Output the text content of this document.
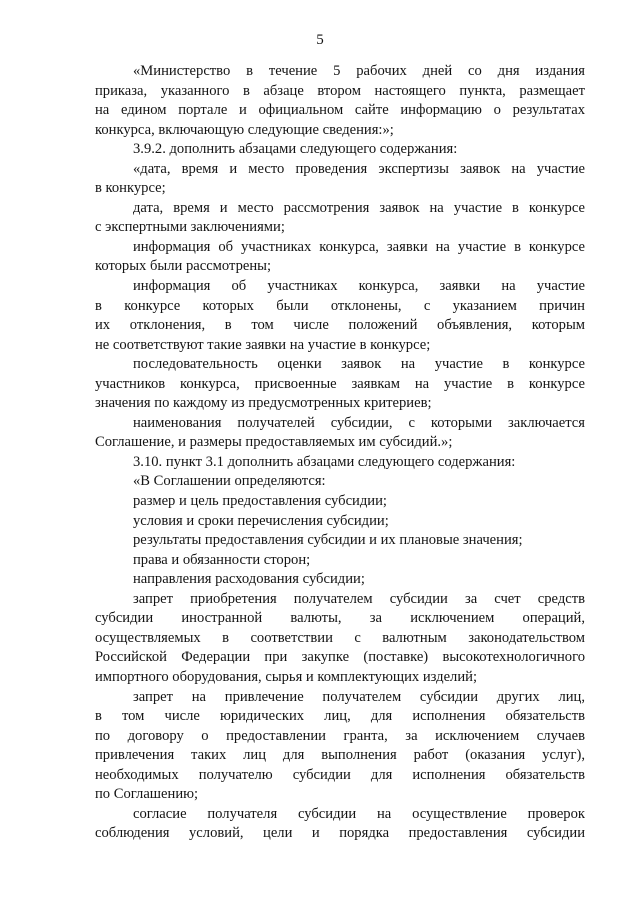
5
«Министерство в течение 5 рабочих дней со дня издания
приказа, указанного в абзаце втором настоящего пункта, размещает
на едином портале и официальном сайте информацию о результатах
конкурса, включающую следующие сведения:»;
3.9.2. дополнить абзацами следующего содержания:
«дата, время и место проведения экспертизы заявок на участие
в конкурсе;
дата, время и место рассмотрения заявок на участие в конкурсе
с экспертными заключениями;
информация об участниках конкурса, заявки на участие в конкурсе
которых были рассмотрены;
информация об участниках конкурса, заявки на участие
в конкурсе которых были отклонены, с указанием причин
их отклонения, в том числе положений объявления, которым
не соответствуют такие заявки на участие в конкурсе;
последовательность оценки заявок на участие в конкурсе
участников конкурса, присвоенные заявкам на участие в конкурсе
значения по каждому из предусмотренных критериев;
наименования получателей субсидии, с которыми заключается
Соглашение, и размеры предоставляемых им субсидий.»;
3.10. пункт 3.1 дополнить абзацами следующего содержания:
«В Соглашении определяются:
размер и цель предоставления субсидии;
условия и сроки перечисления субсидии;
результаты предоставления субсидии и их плановые значения;
права и обязанности сторон;
направления расходования субсидии;
запрет приобретения получателем субсидии за счет средств
субсидии иностранной валюты, за исключением операций,
осуществляемых в соответствии с валютным законодательством
Российской Федерации при закупке (поставке) высокотехнологичного
импортного оборудования, сырья и комплектующих изделий;
запрет на привлечение получателем субсидии других лиц,
в том числе юридических лиц, для исполнения обязательств
по договору о предоставлении гранта, за исключением случаев
привлечения таких лиц для выполнения работ (оказания услуг),
необходимых получателю субсидии для исполнения обязательств
по Соглашению;
согласие получателя субсидии на осуществление проверок
соблюдения условий, цели и порядка предоставления субсидии
